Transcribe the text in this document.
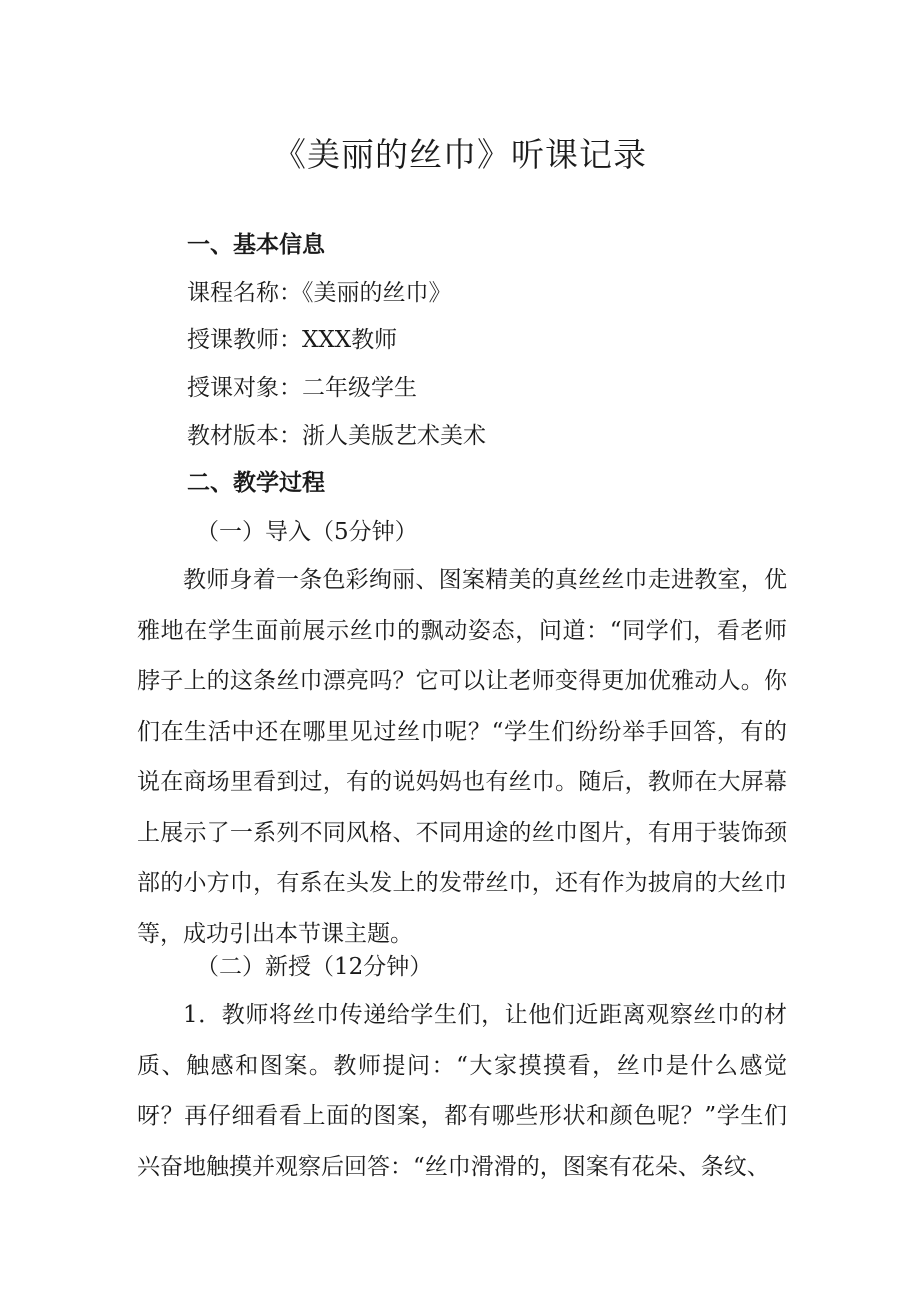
《美丽的丝巾》听课记录
一、基本信息
课程名称：《美丽的丝巾》
授课教师：XXX教师
授课对象：二年级学生
教材版本：浙人美版艺术美术
二、教学过程
（一）导入（5分钟）
教师身着一条色彩绚丽、图案精美的真丝丝巾走进教室，优雅地在学生面前展示丝巾的飘动姿态，问道：“同学们，看老师脖子上的这条丝巾漂亮吗？它可以让老师变得更加优雅动人。你们在生活中还在哪里见过丝巾呢？“学生们纷纷举手回答，有的说在商场里看到过，有的说妈妈也有丝巾。随后，教师在大屏幕上展示了一系列不同风格、不同用途的丝巾图片，有用于装饰颈部的小方巾，有系在头发上的发带丝巾，还有作为披肩的大丝巾等，成功引出本节课主题。
（二）新授（12分钟）
1．教师将丝巾传递给学生们，让他们近距离观察丝巾的材质、触感和图案。教师提问：“大家摸摸看，丝巾是什么感觉呀？再仔细看看上面的图案，都有哪些形状和颜色呢？”学生们兴奋地触摸并观察后回答：“丝巾滑滑的，图案有花朵、条纹、
